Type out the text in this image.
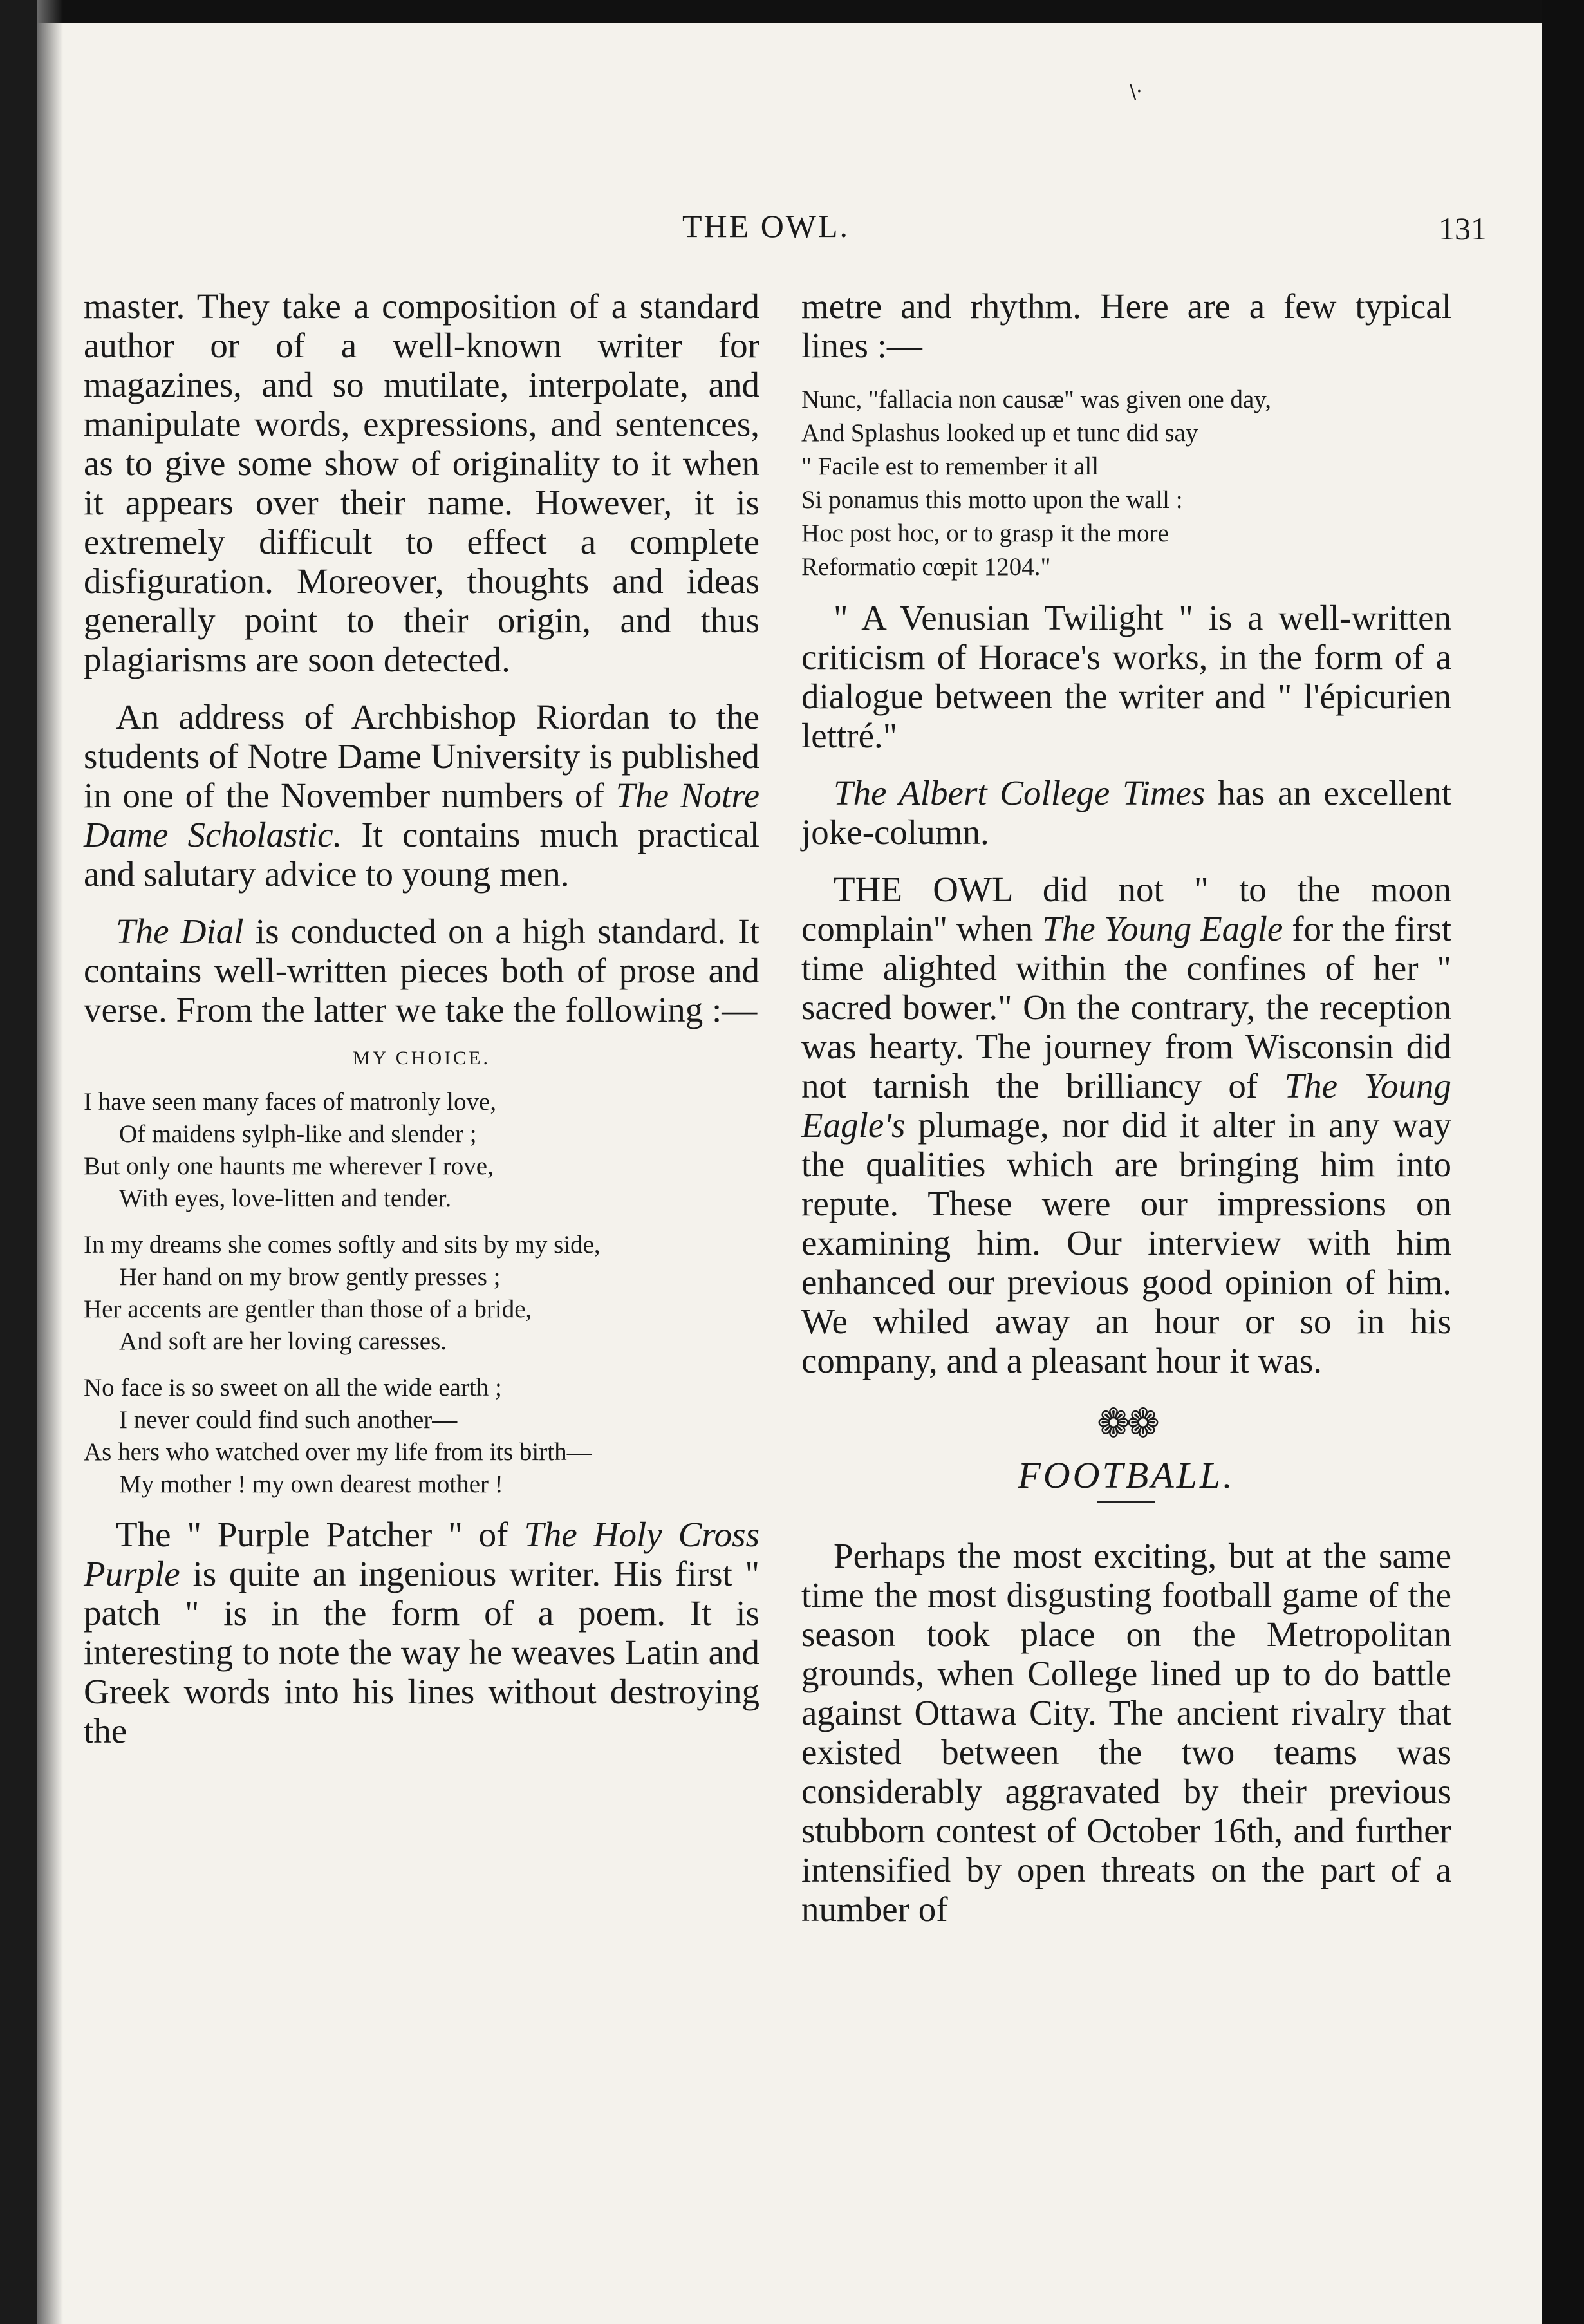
\·
THE OWL.	131

master. They take a composition of a standard author or of a well-known writer for magazines, and so mutilate, interpolate, and manipulate words, expressions, and sentences, as to give some show of originality to it when it appears over their name. However, it is extremely difficult to effect a complete disfiguration. Moreover, thoughts and ideas generally point to their origin, and thus plagiarisms are soon detected.

An address of Archbishop Riordan to the students of Notre Dame University is published in one of the November numbers of The Notre Dame Scholastic. It contains much practical and salutary advice to young men.

The Dial is conducted on a high standard. It contains well-written pieces both of prose and verse. From the latter we take the following :—

MY CHOICE.
I have seen many faces of matronly love,
Of maidens sylph-like and slender ;
But only one haunts me wherever I rove,
With eyes, love-litten and tender.
In my dreams she comes softly and sits by my side,
Her hand on my brow gently presses ;
Her accents are gentler than those of a bride,
And soft are her loving caresses.
No face is so sweet on all the wide earth ;
I never could find such another—
As hers who watched over my life from its birth—
My mother ! my own dearest mother !

The " Purple Patcher " of The Holy Cross Purple is quite an ingenious writer. His first " patch " is in the form of a poem. It is interesting to note the way he weaves Latin and Greek words into his lines without destroying the

metre and rhythm. Here are a few typical lines :—

Nunc, "fallacia non causæ" was given one day,
And Splashus looked up et tunc did say
" Facile est to remember it all
Si ponamus this motto upon the wall :
Hoc post hoc, or to grasp it the more
Reformatio cœpit 1204."

" A Venusian Twilight " is a well-written criticism of Horace's works, in the form of a dialogue between the writer and " l'épicurien lettré."

The Albert College Times has an excellent joke-column.

THE OWL did not " to the moon complain" when The Young Eagle for the first time alighted within the confines of her " sacred bower." On the contrary, the reception was hearty. The journey from Wisconsin did not tarnish the brilliancy of The Young Eagle's plumage, nor did it alter in any way the qualities which are bringing him into repute. These were our impressions on examining him. Our interview with him enhanced our previous good opinion of him. We whiled away an hour or so in his company, and a pleasant hour it was.

❁❁
FOOTBALL.

Perhaps the most exciting, but at the same time the most disgusting football game of the season took place on the Metropolitan grounds, when College lined up to do battle against Ottawa City. The ancient rivalry that existed between the two teams was considerably aggravated by their previous stubborn contest of October 16th, and further intensified by open threats on the part of a number of
